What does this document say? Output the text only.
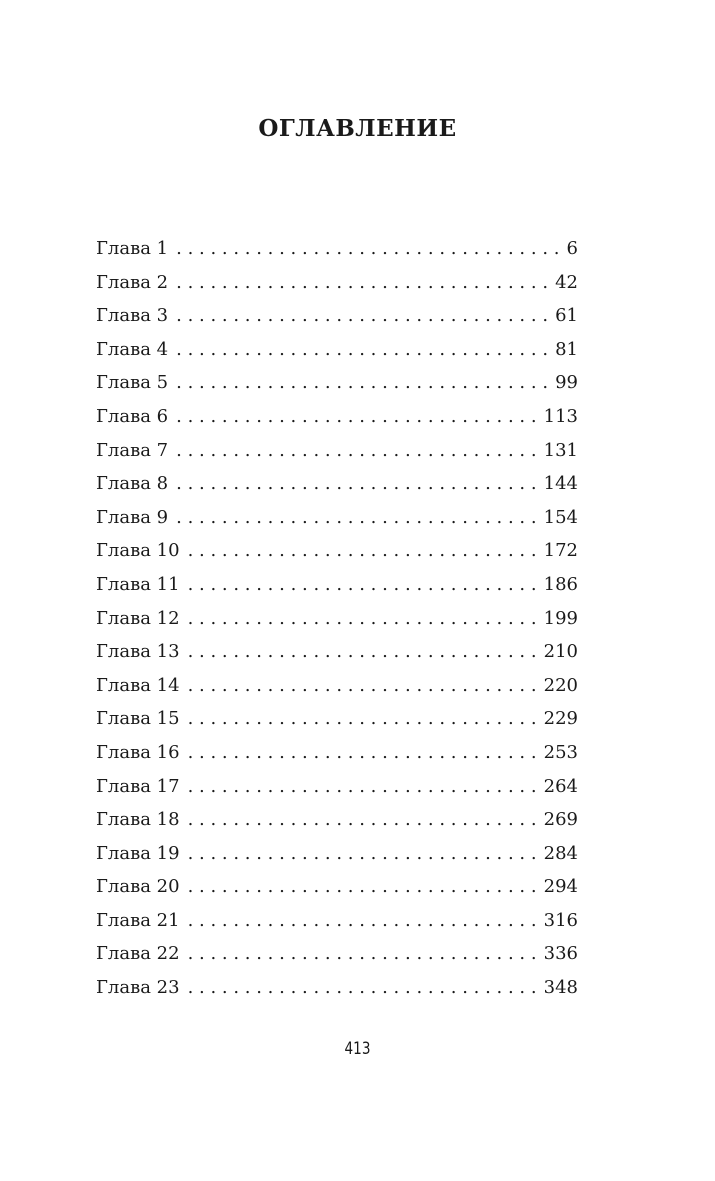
ОГЛАВЛЕНИЕ
Глава 1 . . .	6
Глава 2 . . .	42
Глава 3 . . .	61
Глава 4 . . .	81
Глава 5 . . .	99
Глава 6 . . .	113
Глава 7 . . .	131
Глава 8 . . .	144
Глава 9 . . .	154
Глава 10 . . .	172
Глава 11 . . .	186
Глава 12 . . .	199
Глава 13 . . .	210
Глава 14 . . .	220
Глава 15 . . .	229
Глава 16 . . .	253
Глава 17 . . .	264
Глава 18 . . .	269
Глава 19 . . .	284
Глава 20 . . .	294
Глава 21 . . .	316
Глава 22 . . .	336
Глава 23 . . .	348
413
